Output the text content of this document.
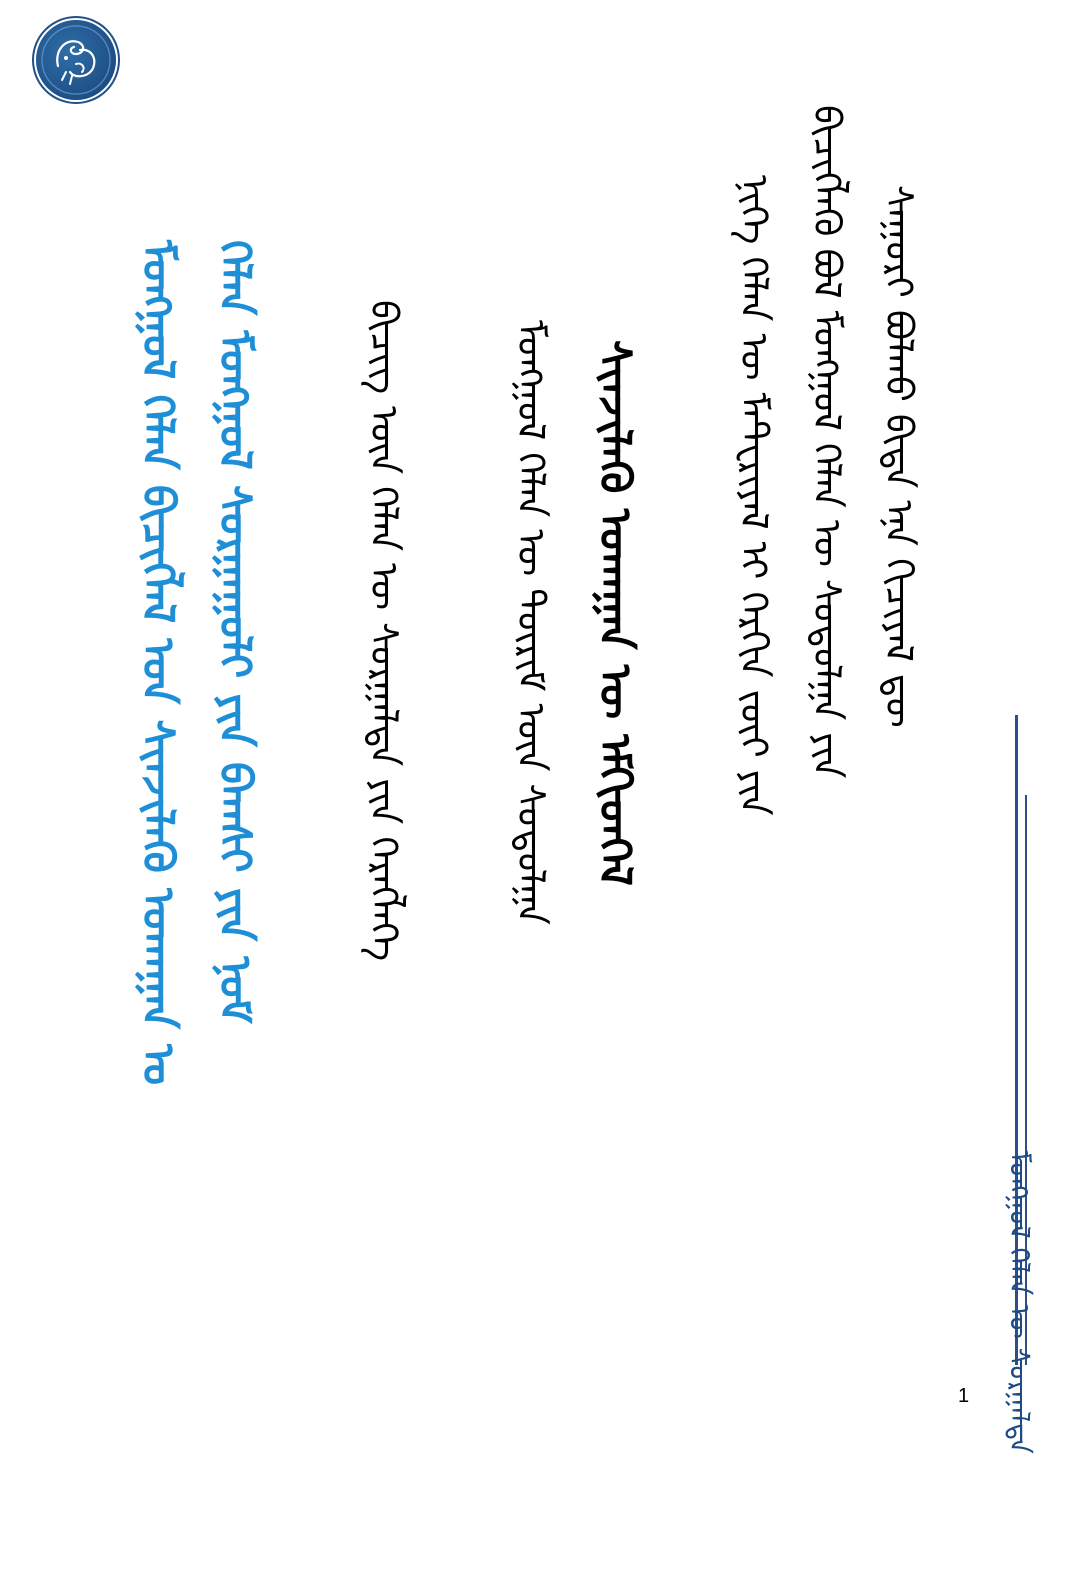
ᠮᠣᠩᠭᠣᠯ ᠬᠡᠯᠡᠨ ᠪᠢᠴᠢᠭᠯᠡᠯ ᠤᠨ ᠰᠢᠨᠵᠢᠯᠡᠬᠦ ᠤᠬᠠᠭᠠᠨ ᠤ ᠬᠡᠯᠡᠨ ᠮᠣᠩᠭᠣᠯ ᠰᠤᠷᠭᠠᠭᠤᠯᠢ ᠶᠢᠨ ᠪᠠᠭᠰᠢ ᠶᠢᠨ ᠨᠣᠮ	ᠪᠢᠴᠢᠭ ᠦᠨ ᠬᠡᠯᠡᠨ ᠦ ᠰᠤᠷᠭᠠᠯᠲᠠ ᠶᠢᠨ ᠬᠡᠷᠡᠭᠯᠡᠭᠡ	ᠮᠣᠩᠭᠣᠯ ᠬᠡᠯᠡᠨ ᠦ ᠳᠦᠷᠢᠮ ᠦᠨ ᠰᠤᠳᠤᠯᠭᠠ ᠰᠢᠨᠵᠢᠯᠡᠬᠦ ᠤᠬᠠᠭᠠᠨ ᠦ ᠡᠮᠬᠢᠳᠬᠡᠯ ᠨᠢᠭᠡ ᠬᠡᠯᠡᠨ ᠦ ᠮᠠᠲ᠋ᠧᠷᠢᠶᠠᠯ ᠢ ᠬᠡᠷᠬᠢᠨ ᠵᠦᠢ ᠶᠢᠨ ᠪᠢᠴᠢᠭᠯᠡᠬᠦ ᠪᠣᠯ ᠮᠣᠩᠭᠣᠯ ᠬᠡᠯᠡᠨ ᠦ ᠰᠤᠳᠤᠯᠭᠠ ᠶᠢᠨ ᠰᠠᠭᠤᠷᠢ ᠪᠣᠯᠬᠤ ᠪᠢᠳᠡ ᠡᠨᠡ ᠬᠢᠴᠢᠶᠡᠯ ᠳᠦ
1 ᠮᠣᠩᠭᠣᠯ ᠬᠡᠯᠡᠨ ᠦ ᠰᠤᠷᠭᠠᠯᠲᠠ
